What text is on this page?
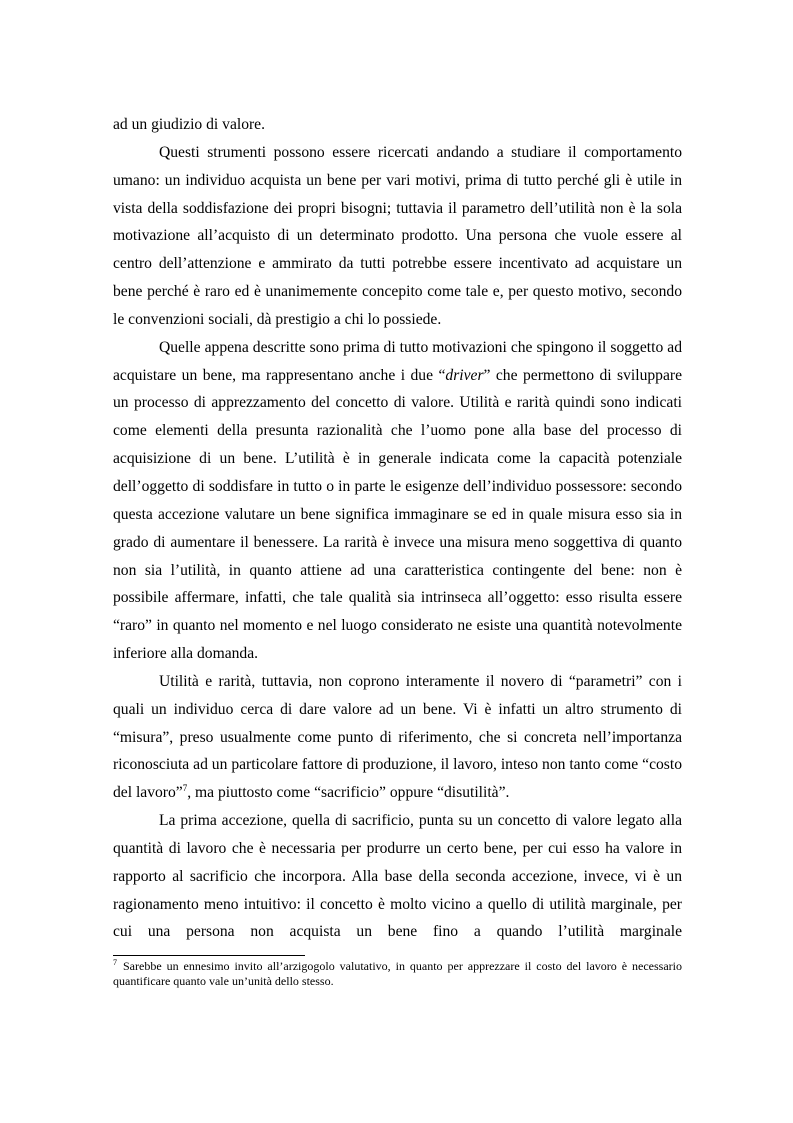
ad un giudizio di valore.

Questi strumenti possono essere ricercati andando a studiare il comportamento umano: un individuo acquista un bene per vari motivi, prima di tutto perché gli è utile in vista della soddisfazione dei propri bisogni; tuttavia il parametro dell’utilità non è la sola motivazione all’acquisto di un determinato prodotto. Una persona che vuole essere al centro dell’attenzione e ammirato da tutti potrebbe essere incentivato ad acquistare un bene perché è raro ed è unanimemente concepito come tale e, per questo motivo, secondo le convenzioni sociali, dà prestigio a chi lo possiede.

Quelle appena descritte sono prima di tutto motivazioni che spingono il soggetto ad acquistare un bene, ma rappresentano anche i due “driver” che permettono di sviluppare un processo di apprezzamento del concetto di valore. Utilità e rarità quindi sono indicati come elementi della presunta razionalità che l’uomo pone alla base del processo di acquisizione di un bene. L’utilità è in generale indicata come la capacità potenziale dell’oggetto di soddisfare in tutto o in parte le esigenze dell’individuo possessore: secondo questa accezione valutare un bene significa immaginare se ed in quale misura esso sia in grado di aumentare il benessere. La rarità è invece una misura meno soggettiva di quanto non sia l’utilità, in quanto attiene ad una caratteristica contingente del bene: non è possibile affermare, infatti, che tale qualità sia intrinseca all’oggetto: esso risulta essere “raro” in quanto nel momento e nel luogo considerato ne esiste una quantità notevolmente inferiore alla domanda.

Utilità e rarità, tuttavia, non coprono interamente il novero di “parametri” con i quali un individuo cerca di dare valore ad un bene. Vi è infatti un altro strumento di “misura”, preso usualmente come punto di riferimento, che si concreta nell’importanza riconosciuta ad un particolare fattore di produzione, il lavoro, inteso non tanto come “costo del lavoro”$^7$, ma piuttosto come “sacrificio” oppure “disutilità”.

La prima accezione, quella di sacrificio, punta su un concetto di valore legato alla quantità di lavoro che è necessaria per produrre un certo bene, per cui esso ha valore in rapporto al sacrificio che incorpora. Alla base della seconda accezione, invece, vi è un ragionamento meno intuitivo: il concetto è molto vicino a quello di utilità marginale, per cui una persona non acquista un bene fino a quando l’utilità marginale

$^7$ Sarebbe un ennesimo invito all’arzigogolo valutativo, in quanto per apprezzare il costo del lavoro è necessario quantificare quanto vale un’unità dello stesso.
